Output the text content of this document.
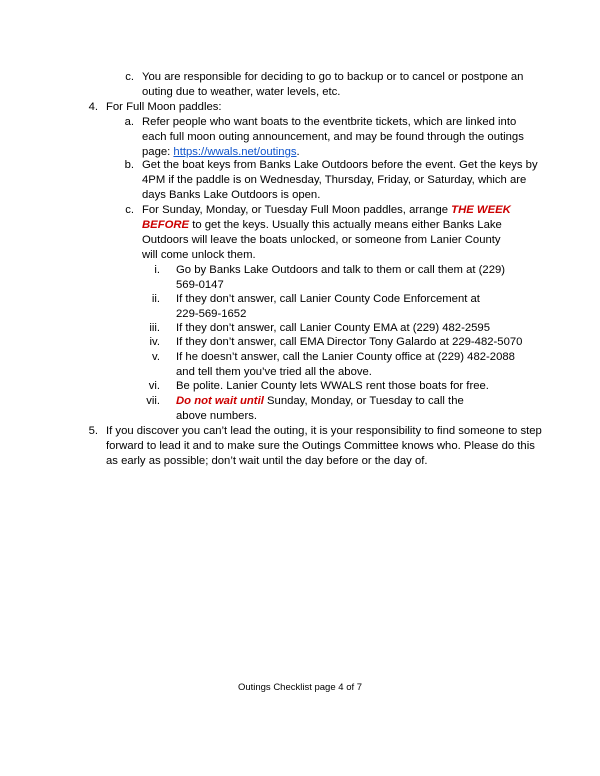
c. You are responsible for deciding to go to backup or to cancel or postpone an outing due to weather, water levels, etc.
4. For Full Moon paddles:
a. Refer people who want boats to the eventbrite tickets, which are linked into each full moon outing announcement, and may be found through the outings page: https://wwals.net/outings.
b. Get the boat keys from Banks Lake Outdoors before the event. Get the keys by 4PM if the paddle is on Wednesday, Thursday, Friday, or Saturday, which are days Banks Lake Outdoors is open.
c. For Sunday, Monday, or Tuesday Full Moon paddles, arrange THE WEEK BEFORE to get the keys. Usually this actually means either Banks Lake Outdoors will leave the boats unlocked, or someone from Lanier County will come unlock them.
i. Go by Banks Lake Outdoors and talk to them or call them at (229) 569-0147
ii. If they don’t answer, call Lanier County Code Enforcement at 229-569-1652
iii. If they don’t answer, call Lanier County EMA at (229) 482-2595
iv. If they don’t answer, call EMA Director Tony Galardo at 229-482-5070
v. If he doesn’t answer, call the Lanier County office at (229) 482-2088 and tell them you’ve tried all the above.
vi. Be polite. Lanier County lets WWALS rent those boats for free.
vii. Do not wait until Sunday, Monday, or Tuesday to call the above numbers.
5. If you discover you can’t lead the outing, it is your responsibility to find someone to step forward to lead it and to make sure the Outings Committee knows who. Please do this as early as possible; don’t wait until the day before or the day of.
Outings Checklist page 4 of 7
